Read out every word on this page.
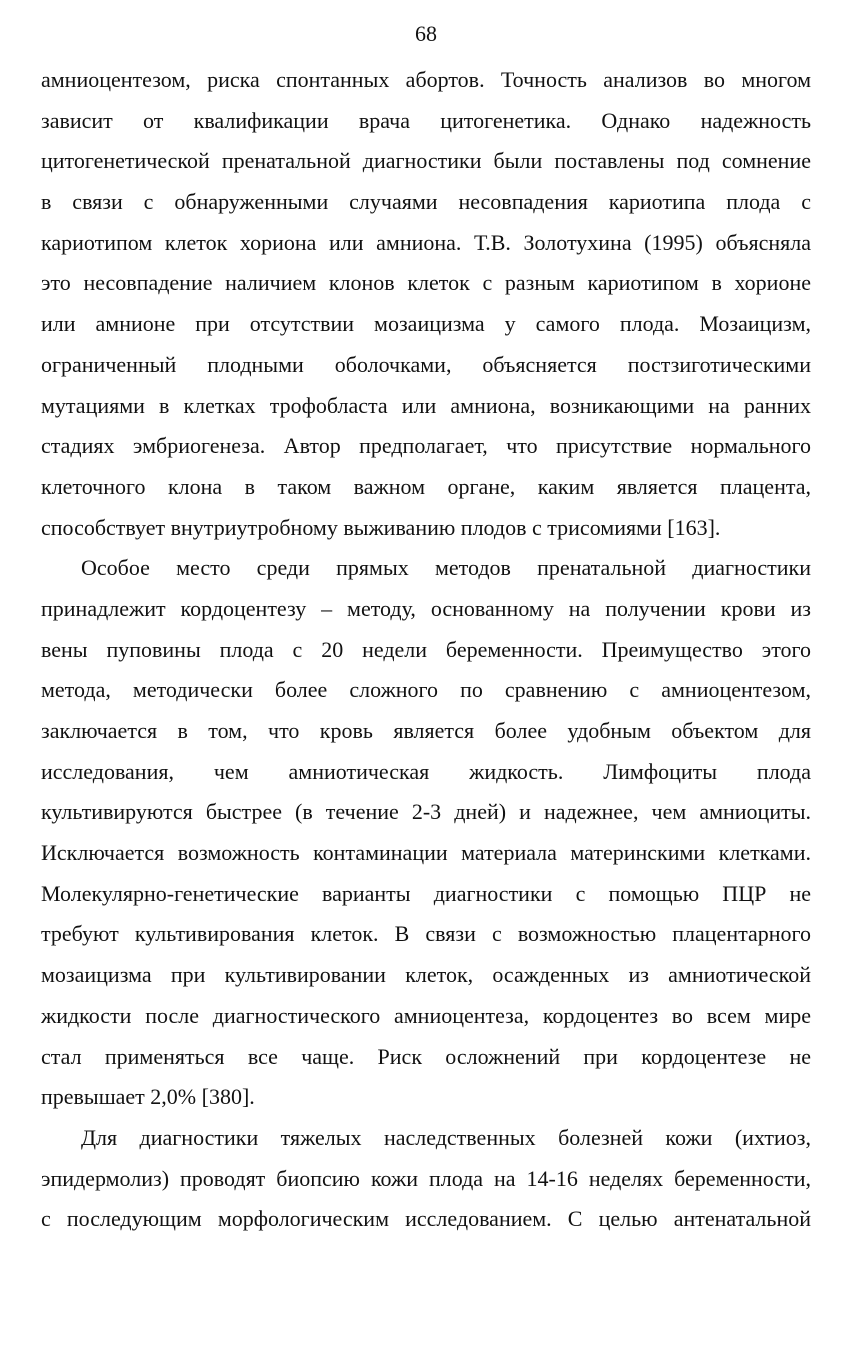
68
амниоцентезом, риска спонтанных абортов. Точность анализов во многом
зависит от квалификации врача цитогенетика. Однако надежность
цитогенетической пренатальной диагностики были поставлены под сомнение
в связи с обнаруженными случаями несовпадения кариотипа плода с
кариотипом клеток хориона или амниона. Т.В. Золотухина (1995) объясняла
это несовпадение наличием клонов клеток с разным кариотипом в хорионе
или амнионе при отсутствии мозаицизма у самого плода. Мозаицизм,
ограниченный плодными оболочками, объясняется постзиготическими
мутациями в клетках трофобласта или амниона, возникающими на ранних
стадиях эмбриогенеза. Автор предполагает, что присутствие нормального
клеточного клона в таком важном органе, каким является плацента,
способствует внутриутробному выживанию плодов с трисомиями [163].
Особое место среди прямых методов пренатальной диагностики
принадлежит кордоцентезу – методу, основанному на получении крови из
вены пуповины плода с 20 недели беременности. Преимущество этого
метода, методически более сложного по сравнению с амниоцентезом,
заключается в том, что кровь является более удобным объектом для
исследования, чем амниотическая жидкость. Лимфоциты плода
культивируются быстрее (в течение 2-3 дней) и надежнее, чем амниоциты.
Исключается возможность контаминации материала материнскими клетками.
Молекулярно-генетические варианты диагностики с помощью ПЦР не
требуют культивирования клеток. В связи с возможностью плацентарного
мозаицизма при культивировании клеток, осажденных из амниотической
жидкости после диагностического амниоцентеза, кордоцентез во всем мире
стал применяться все чаще. Риск осложнений при кордоцентезе не
превышает 2,0% [380].
Для диагностики тяжелых наследственных болезней кожи (ихтиоз,
эпидермолиз) проводят биопсию кожи плода на 14-16 неделях беременности,
с последующим морфологическим исследованием. С целью антенатальной
